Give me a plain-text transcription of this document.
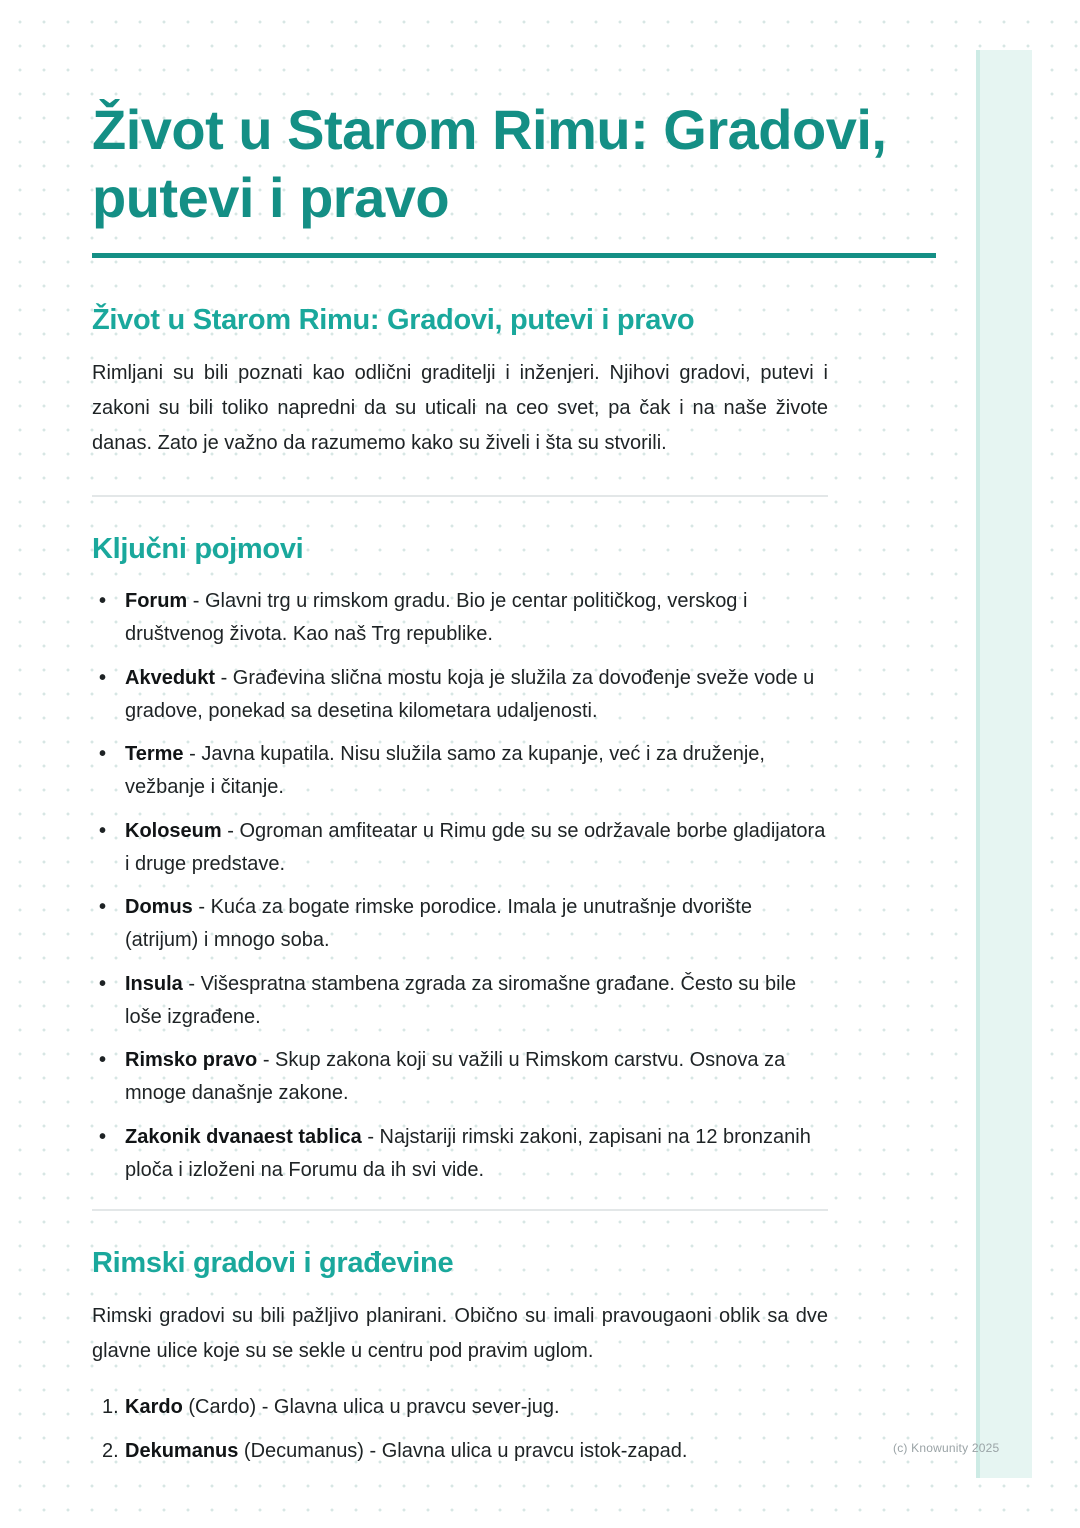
(c) Knowunity 2025
Život u Starom Rimu: Gradovi, putevi i pravo
Život u Starom Rimu: Gradovi, putevi i pravo

Rimljani su bili poznati kao odlični graditelji i inženjeri. Njihovi gradovi, putevi i zakoni su bili toliko napredni da su uticali na ceo svet, pa čak i na naše živote danas. Zato je važno da razumemo kako su živeli i šta su stvorili.

Ključni pojmovi
• Forum - Glavni trg u rimskom gradu. Bio je centar političkog, verskog i društvenog života. Kao naš Trg republike.
• Akvedukt - Građevina slična mostu koja je služila za dovođenje sveže vode u gradove, ponekad sa desetina kilometara udaljenosti.
• Terme - Javna kupatila. Nisu služila samo za kupanje, već i za druženje, vežbanje i čitanje.
• Koloseum - Ogroman amfiteatar u Rimu gde su se održavale borbe gladijatora i druge predstave.
• Domus - Kuća za bogate rimske porodice. Imala je unutrašnje dvorište (atrijum) i mnogo soba.
• Insula - Višespratna stambena zgrada za siromašne građane. Često su bile loše izgrađene.
• Rimsko pravo - Skup zakona koji su važili u Rimskom carstvu. Osnova za mnoge današnje zakone.
• Zakonik dvanaest tablica - Najstariji rimski zakoni, zapisani na 12 bronzanih ploča i izloženi na Forumu da ih svi vide.
Rimski gradovi i građevine

Rimski gradovi su bili pažljivo planirani. Obično su imali pravougaoni oblik sa dve glavne ulice koje su se sekle u centru pod pravim uglom.

1. Kardo (Cardo) - Glavna ulica u pravcu sever-jug.
2. Dekumanus (Decumanus) - Glavna ulica u pravcu istok-zapad.
